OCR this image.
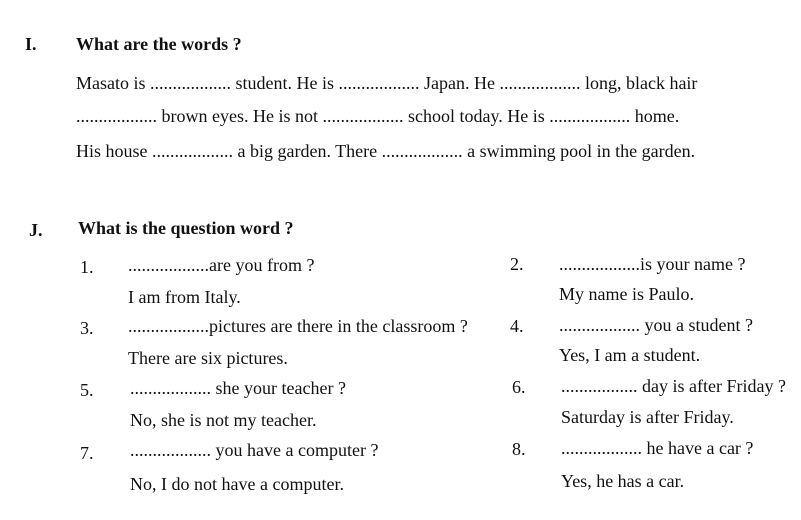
I. What are the words ?
Masato is .................. student. He is .................. Japan. He .................. long, black hair
.................. brown eyes. He is not .................. school today. He is .................. home.
His house .................. a big garden. There .................. a swimming pool in the garden.
J. What is the question word ?
1. ..................are you from ?
I am from Italy.
2. ..................is your name ?
My name is Paulo.
3. ..................pictures are there in the classroom ?
There are six pictures.
4. .................. you a student ?
Yes, I am a student.
5. .................. she your teacher ?
No, she is not my teacher.
6. ................. day is after Friday ?
Saturday is after Friday.
7. .................. you have a computer ?
No, I do not have a computer.
8. .................. he have a car ?
Yes, he has a car.
